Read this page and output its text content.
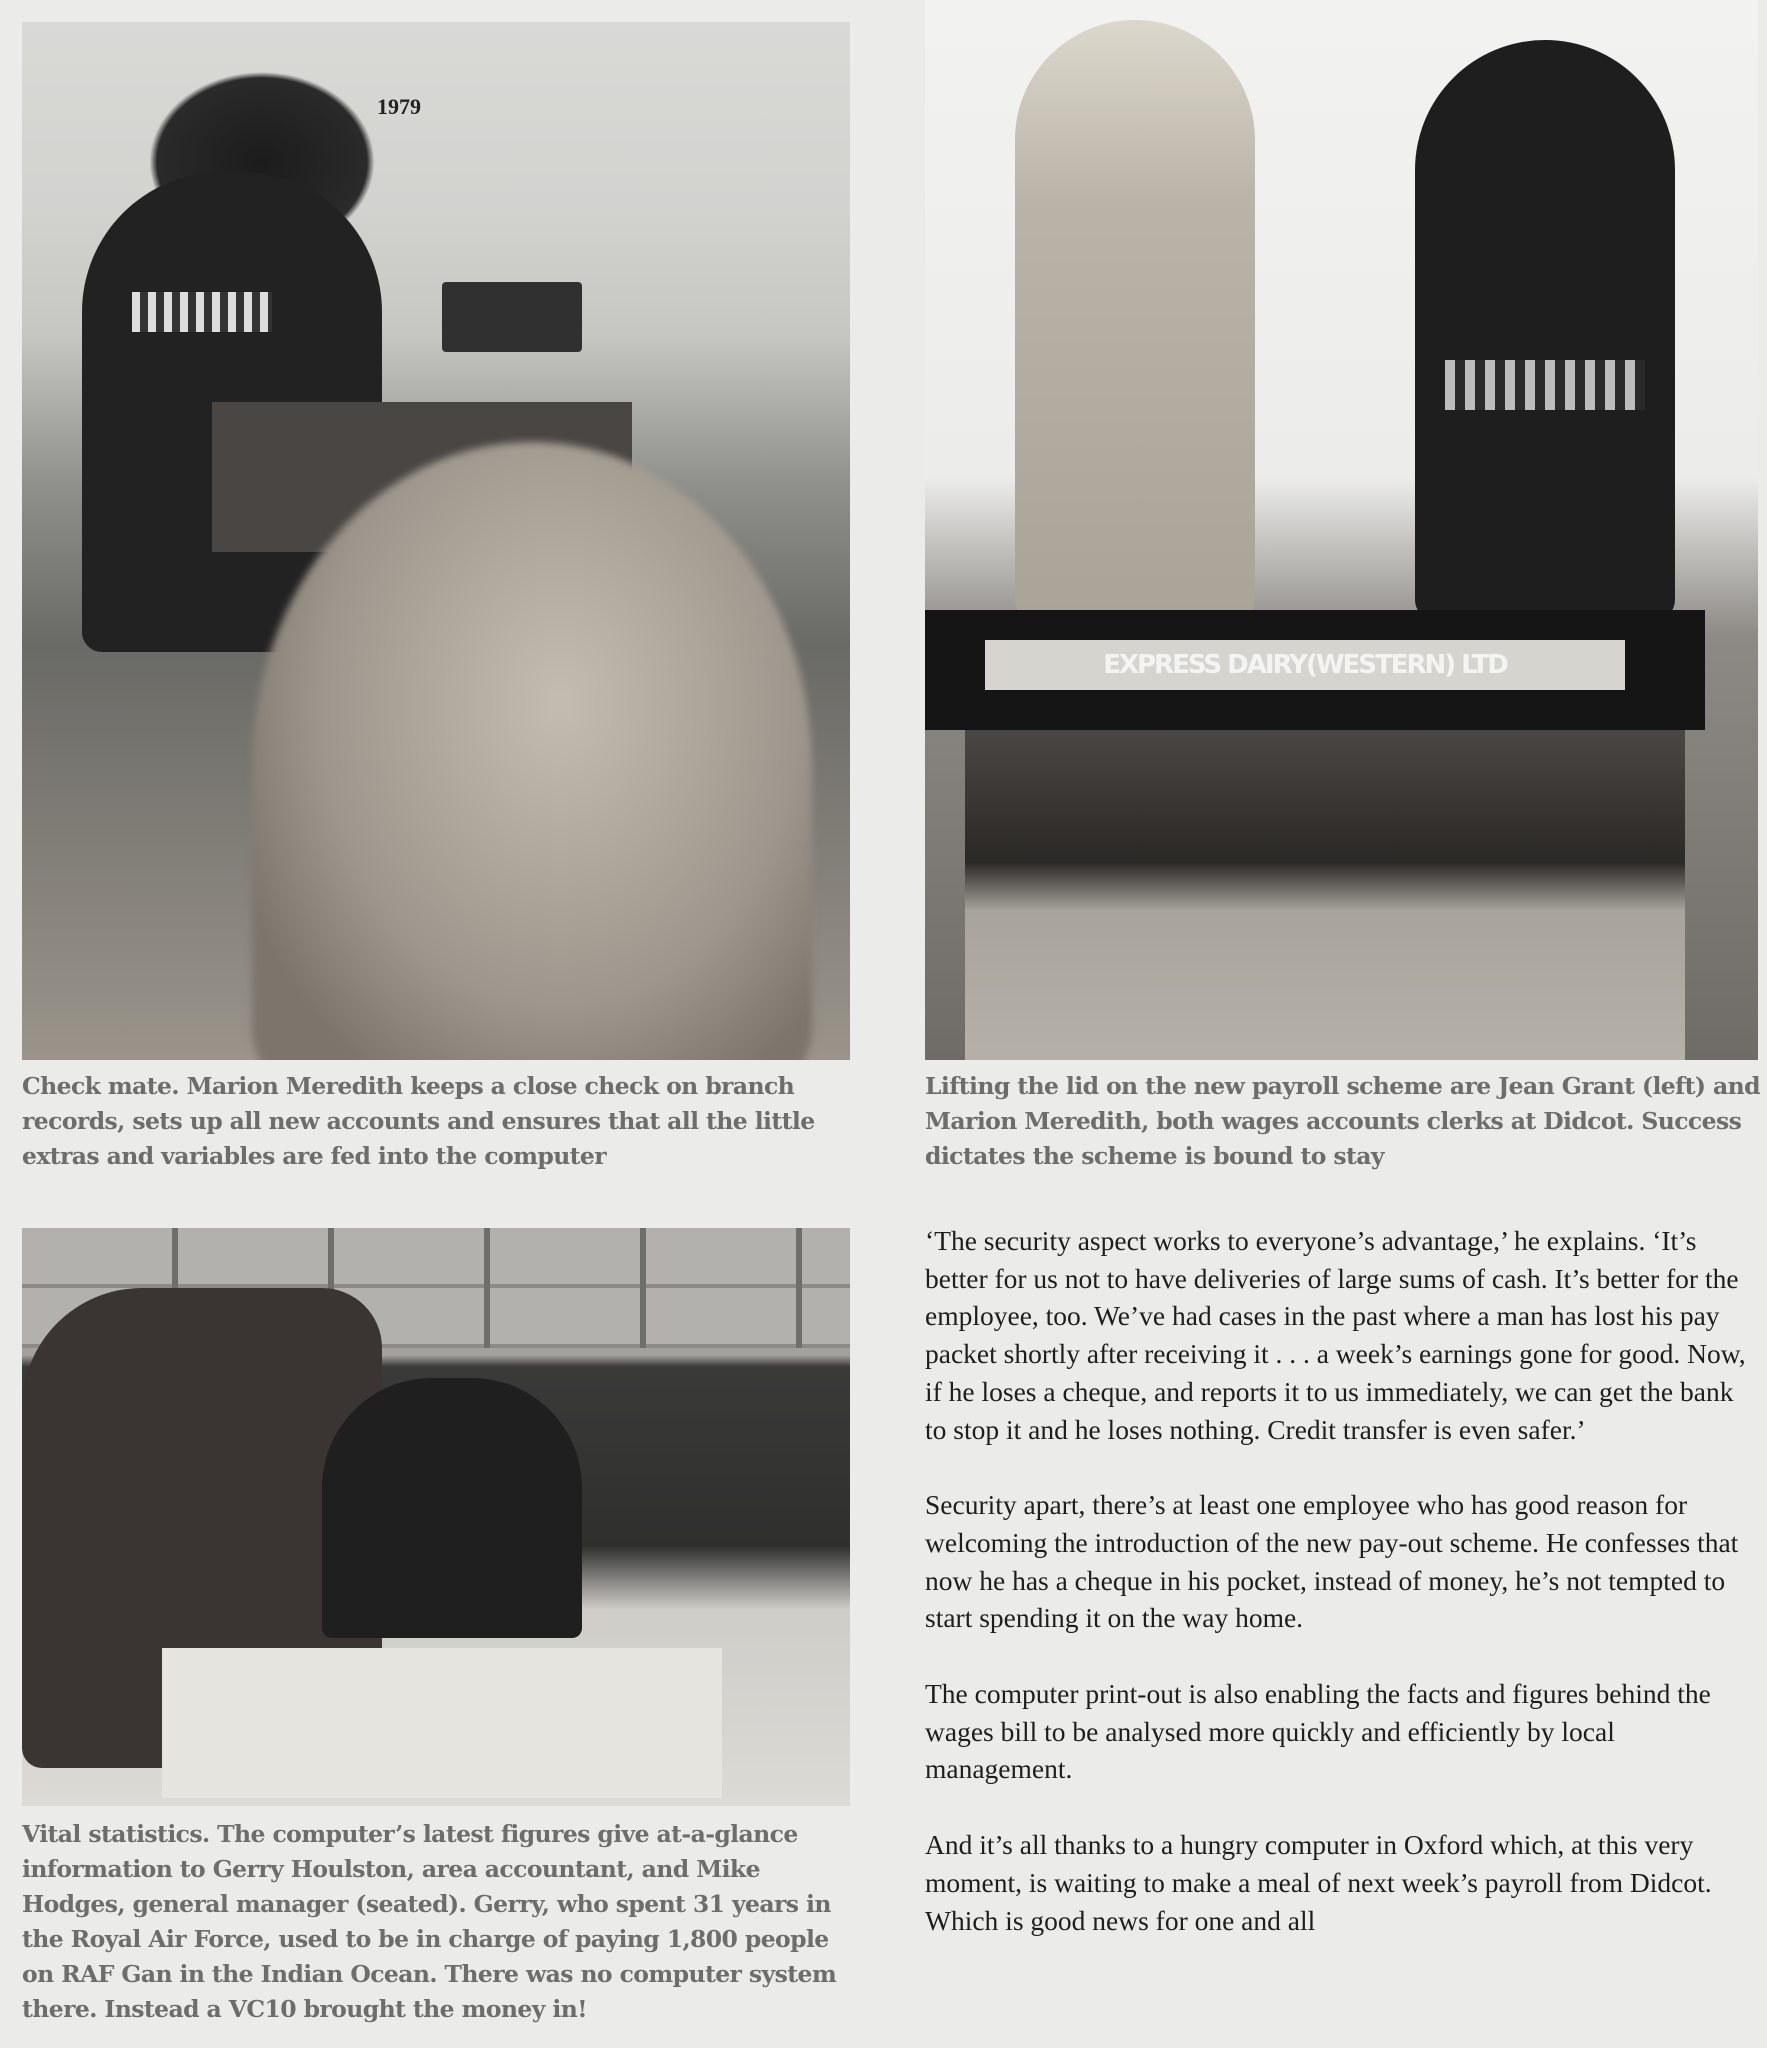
1979
Check mate. Marion Meredith keeps a close check on branch records, sets up all new accounts and ensures that all the little extras and variables are fed into the computer
EXPRESS DAIRY(WESTERN) LTD
Lifting the lid on the new payroll scheme are Jean Grant (left) and Marion Meredith, both wages accounts clerks at Didcot. Success dictates the scheme is bound to stay
Vital statistics. The computer’s latest figures give at-a-glance information to Gerry Houlston, area accountant, and Mike Hodges, general manager (seated). Gerry, who spent 31 years in the Royal Air Force, used to be in charge of paying 1,800 people on RAF Gan in the Indian Ocean. There was no computer system there. Instead a VC10 brought the money in!

‘The security aspect works to everyone’s advantage,’ he explains. ‘It’s better for us not to have deliveries of large sums of cash. It’s better for the employee, too. We’ve had cases in the past where a man has lost his pay packet shortly after receiving it . . . a week’s earnings gone for good. Now, if he loses a cheque, and reports it to us immediately, we can get the bank to stop it and he loses nothing. Credit transfer is even safer.’

Security apart, there’s at least one employee who has good reason for welcoming the introduction of the new pay-out scheme. He confesses that now he has a cheque in his pocket, instead of money, he’s not tempted to start spending it on the way home.

The computer print-out is also enabling the facts and figures behind the wages bill to be analysed more quickly and efficiently by local management.

And it’s all thanks to a hungry computer in Oxford which, at this very moment, is waiting to make a meal of next week’s payroll from Didcot. Which is good news for one and all
